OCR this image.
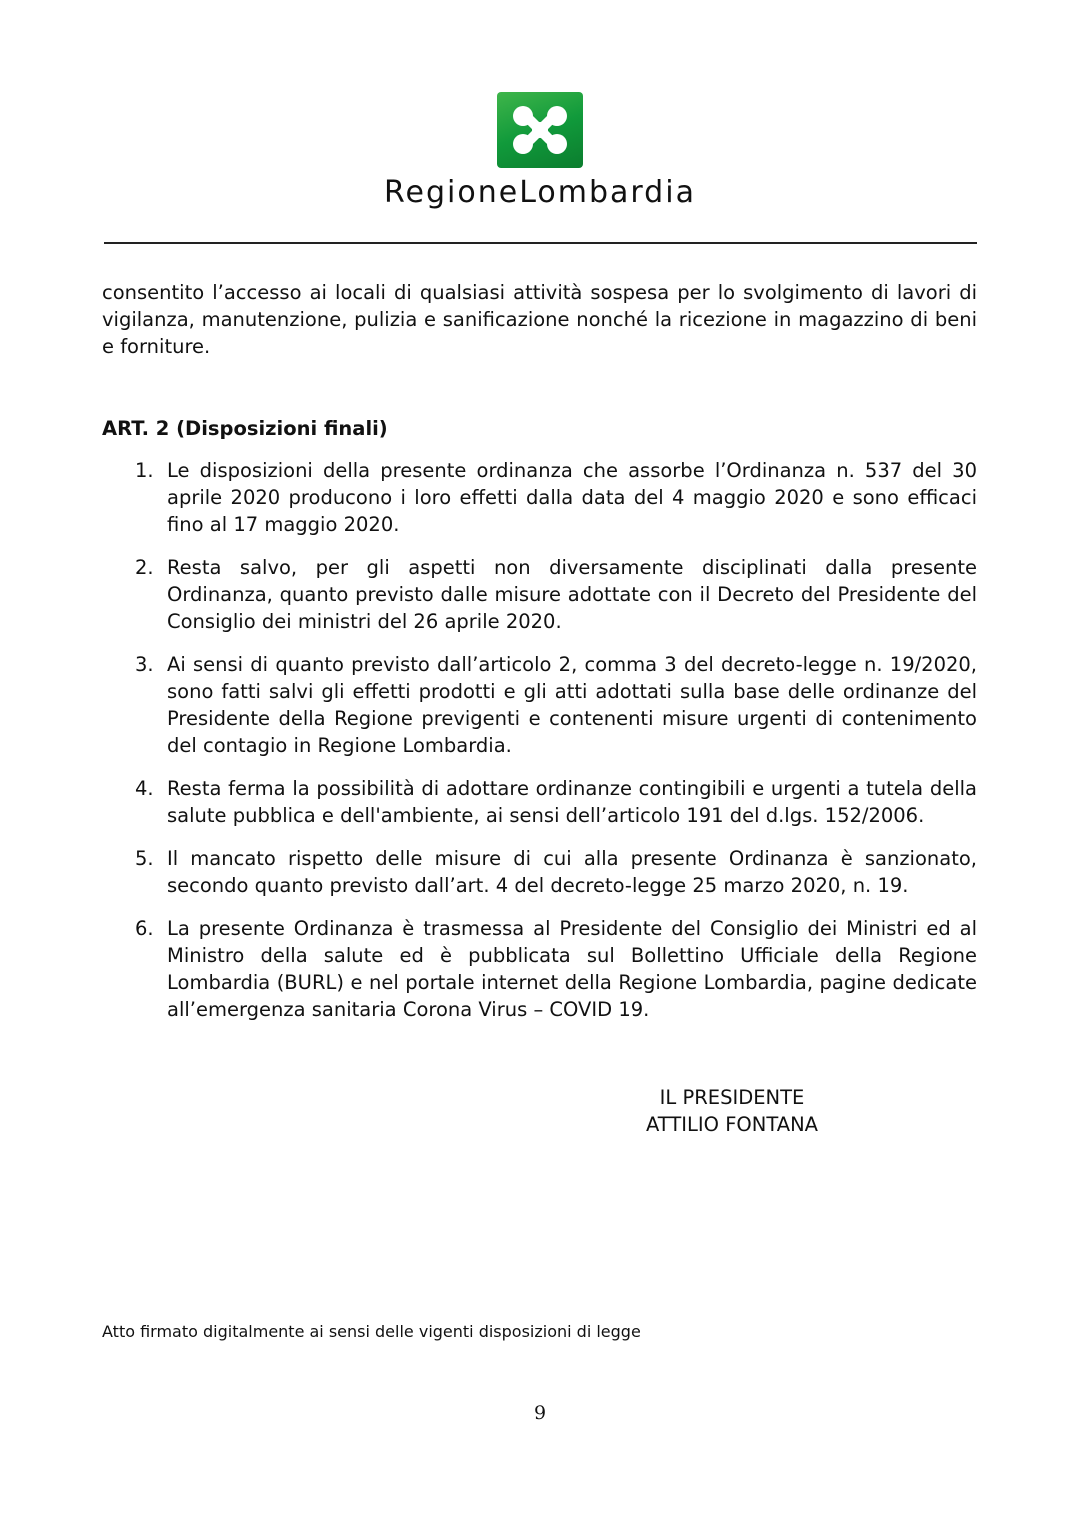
RegioneLombardia

consentito l’accesso ai locali di qualsiasi attività sospesa per lo svolgimento di lavori di vigilanza, manutenzione, pulizia e sanificazione nonché la ricezione in magazzino di beni e forniture.

ART. 2 (Disposizioni finali)

1. Le disposizioni della presente ordinanza che assorbe l’Ordinanza n. 537 del 30 aprile 2020 producono i loro effetti dalla data del 4 maggio 2020 e sono efficaci fino al 17 maggio 2020.
2. Resta salvo, per gli aspetti non diversamente disciplinati dalla presente Ordinanza, quanto previsto dalle misure adottate con il Decreto del Presidente del Consiglio dei ministri del 26 aprile 2020.
3. Ai sensi di quanto previsto dall’articolo 2, comma 3 del decreto-legge n. 19/2020, sono fatti salvi gli effetti prodotti e gli atti adottati sulla base delle ordinanze del Presidente della Regione previgenti e contenenti misure urgenti di contenimento del contagio in Regione Lombardia.
4. Resta ferma la possibilità di adottare ordinanze contingibili e urgenti a tutela della salute pubblica e dell'ambiente, ai sensi dell’articolo 191 del d.lgs. 152/2006.
5. Il mancato rispetto delle misure di cui alla presente Ordinanza è sanzionato, secondo quanto previsto dall’art. 4 del decreto-legge 25 marzo 2020, n. 19.
6. La presente Ordinanza è trasmessa al Presidente del Consiglio dei Ministri ed al Ministro della salute ed è pubblicata sul Bollettino Ufficiale della Regione Lombardia (BURL) e nel portale internet della Regione Lombardia, pagine dedicate all’emergenza sanitaria Corona Virus – COVID 19.
IL PRESIDENTE
ATTILIO FONTANA
Atto firmato digitalmente ai sensi delle vigenti disposizioni di legge
9
